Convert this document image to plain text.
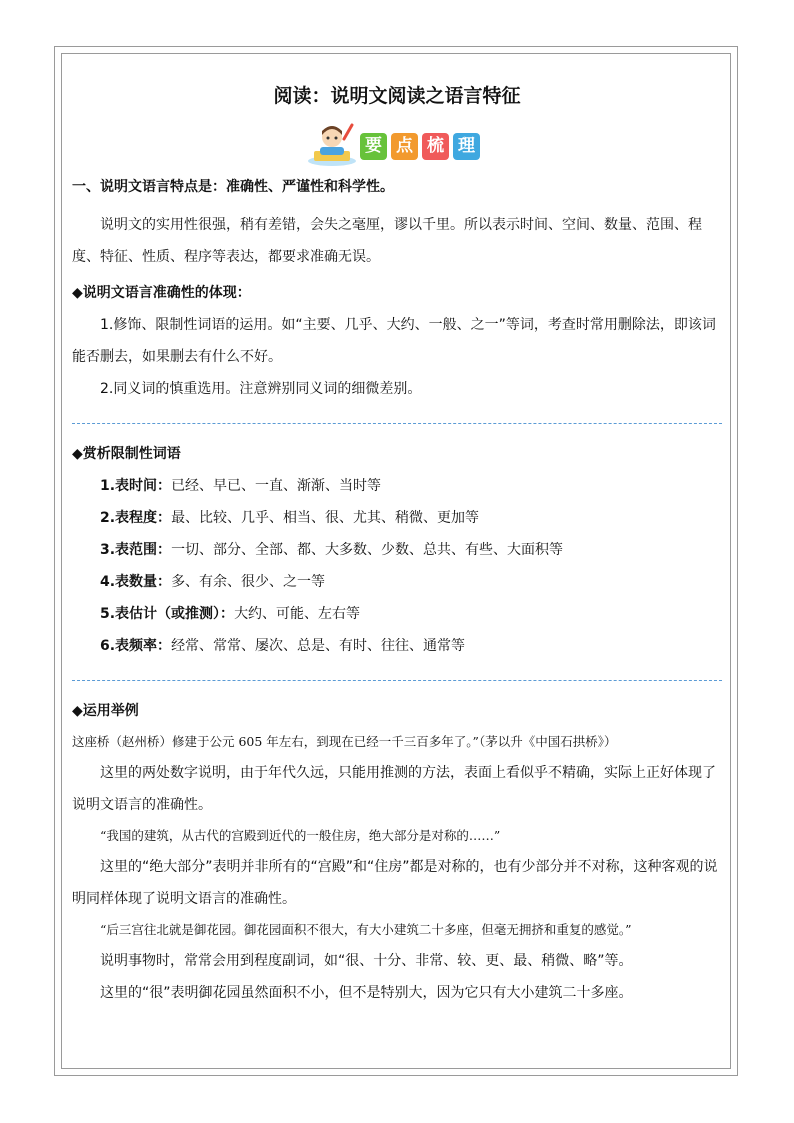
阅读：说明文阅读之语言特征
要 点 梳 理

一、说明文语言特点是：准确性、严谨性和科学性。

说明文的实用性很强，稍有差错，会失之毫厘，谬以千里。所以表示时间、空间、数量、范围、程度、特征、性质、程序等表达，都要求准确无误。

◆说明文语言准确性的体现：

1.修饰、限制性词语的运用。如“主要、几乎、大约、一般、之一”等词，考查时常用删除法，即该词能否删去，如果删去有什么不好。

2.同义词的慎重选用。注意辨别同义词的细微差别。

◆赏析限制性词语

1.表时间：已经、早已、一直、渐渐、当时等

2.表程度：最、比较、几乎、相当、很、尤其、稍微、更加等

3.表范围：一切、部分、全部、都、大多数、少数、总共、有些、大面积等

4.表数量：多、有余、很少、之一等

5.表估计（或推测）：大约、可能、左右等

6.表频率：经常、常常、屡次、总是、有时、往往、通常等

◆运用举例

这座桥（赵州桥）修建于公元 605 年左右，到现在已经一千三百多年了。”（茅以升《中国石拱桥》）

这里的两处数字说明，由于年代久远，只能用推测的方法，表面上看似乎不精确，实际上正好体现了说明文语言的准确性。

“我国的建筑，从古代的宫殿到近代的一般住房，绝大部分是对称的……”

这里的“绝大部分”表明并非所有的“宫殿”和“住房”都是对称的，也有少部分并不对称，这种客观的说明同样体现了说明文语言的准确性。

“后三宫往北就是御花园。御花园面积不很大，有大小建筑二十多座，但毫无拥挤和重复的感觉。”

说明事物时，常常会用到程度副词，如“很、十分、非常、较、更、最、稍微、略”等。

这里的“很”表明御花园虽然面积不小，但不是特别大，因为它只有大小建筑二十多座。
